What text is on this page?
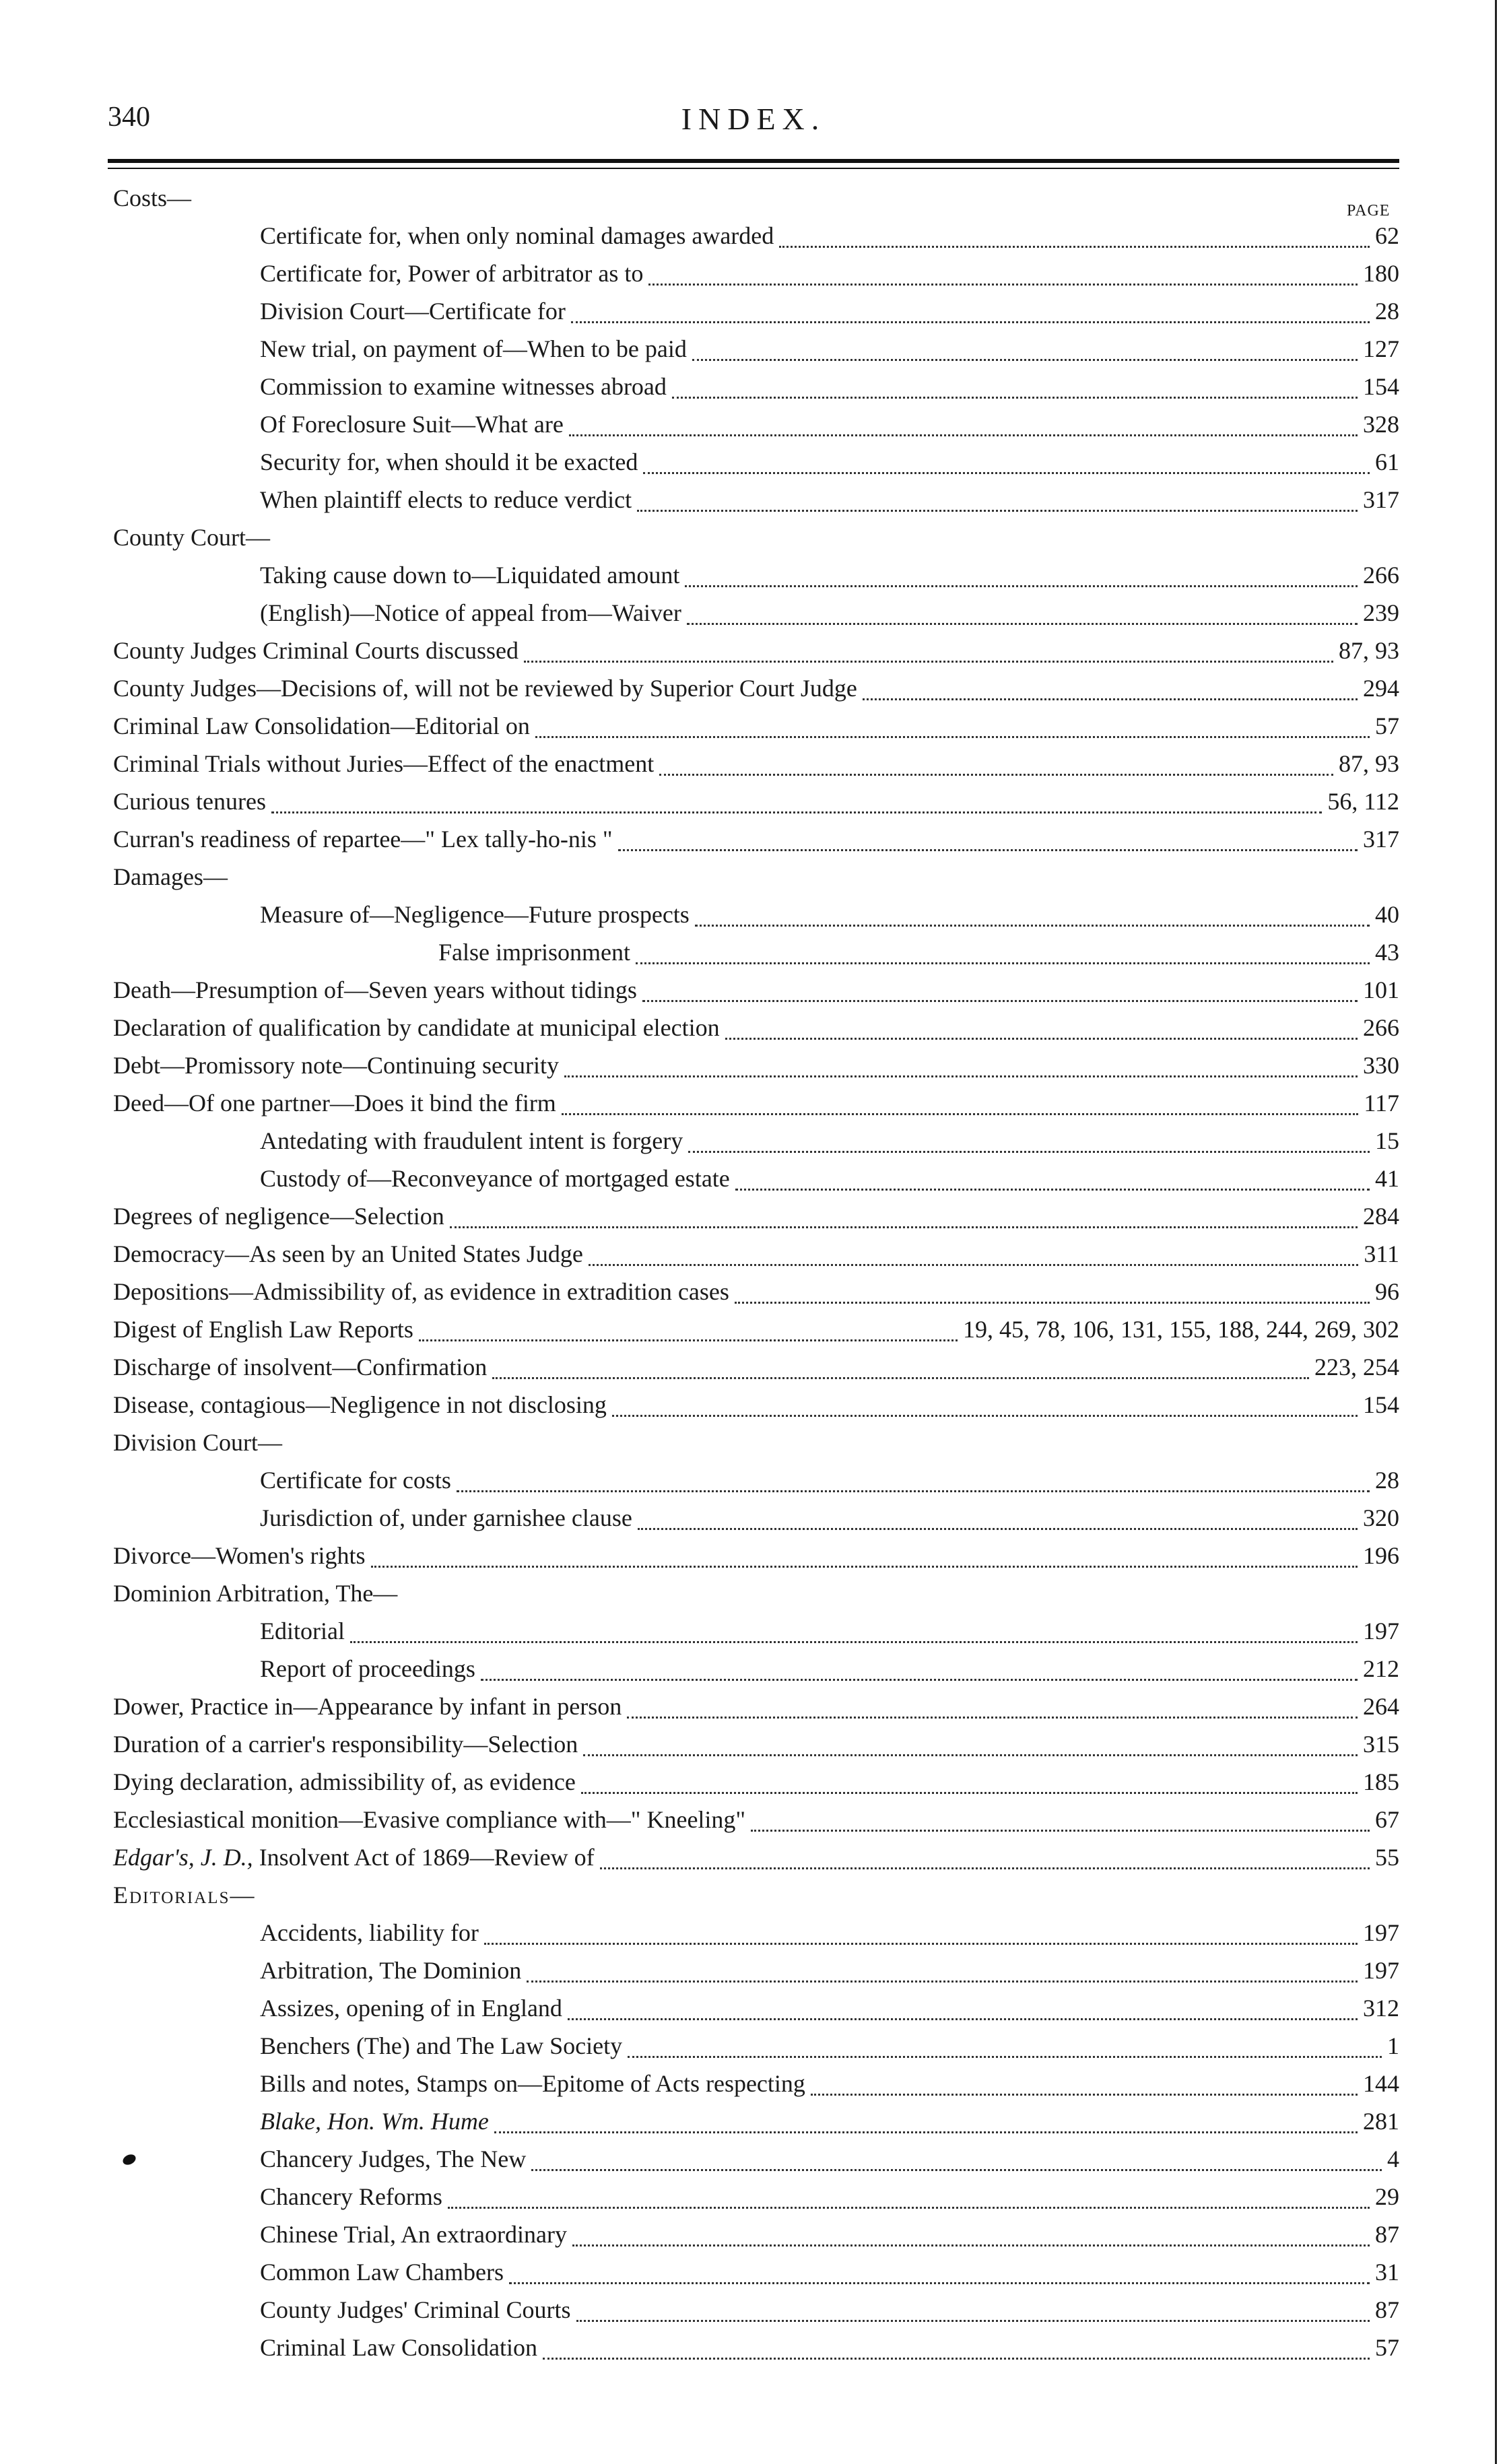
340	INDEX.
PAGE
Costs—
Certificate for, when only nominal damages awarded	62
Certificate for, Power of arbitrator as to	180
Division Court—Certificate for	28
New trial, on payment of—When to be paid	127
Commission to examine witnesses abroad	154
Of Foreclosure Suit—What are	328
Security for, when should it be exacted	61
When plaintiff elects to reduce verdict	317
County Court—
Taking cause down to—Liquidated amount	266
(English)—Notice of appeal from—Waiver	239
County Judges Criminal Courts discussed	87, 93
County Judges—Decisions of, will not be reviewed by Superior Court Judge	294
Criminal Law Consolidation—Editorial on	57
Criminal Trials without Juries—Effect of the enactment	87, 93
Curious tenures	56, 112
Curran's readiness of repartee—" Lex tally-ho-nis "	317
Damages—
Measure of—Negligence—Future prospects	40
False imprisonment	43
Death—Presumption of—Seven years without tidings	101
Declaration of qualification by candidate at municipal election	266
Debt—Promissory note—Continuing security	330
Deed—Of one partner—Does it bind the firm	117
Antedating with fraudulent intent is forgery	15
Custody of—Reconveyance of mortgaged estate	41
Degrees of negligence—Selection	284
Democracy—As seen by an United States Judge	311
Depositions—Admissibility of, as evidence in extradition cases	96
Digest of English Law Reports	19, 45, 78, 106, 131, 155, 188, 244, 269, 302
Discharge of insolvent—Confirmation	223, 254
Disease, contagious—Negligence in not disclosing	154
Division Court—
Certificate for costs	28
Jurisdiction of, under garnishee clause	320
Divorce—Women's rights	196
Dominion Arbitration, The—
Editorial	197
Report of proceedings	212
Dower, Practice in—Appearance by infant in person	264
Duration of a carrier's responsibility—Selection	315
Dying declaration, admissibility of, as evidence	185
Ecclesiastical monition—Evasive compliance with—" Kneeling"	67
Edgar's, J. D., Insolvent Act of 1869—Review of	55
Editorials—
Accidents, liability for	197
Arbitration, The Dominion	197
Assizes, opening of in England	312
Benchers (The) and The Law Society	1
Bills and notes, Stamps on—Epitome of Acts respecting	144
Blake, Hon. Wm. Hume	281
Chancery Judges, The New	4
Chancery Reforms	29
Chinese Trial, An extraordinary	87
Common Law Chambers	31
County Judges' Criminal Courts	87
Criminal Law Consolidation	57
